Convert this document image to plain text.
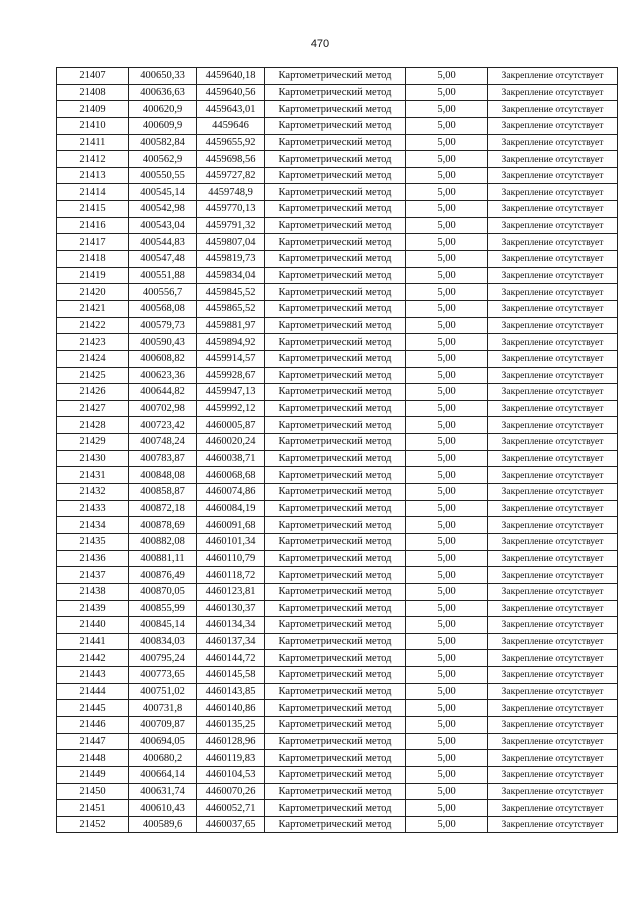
470
21407	400650,33	4459640,18	Картометрический метод	5,00	Закрепление отсутствует
21408	400636,63	4459640,56	Картометрический метод	5,00	Закрепление отсутствует
21409	400620,9	4459643,01	Картометрический метод	5,00	Закрепление отсутствует
21410	400609,9	4459646	Картометрический метод	5,00	Закрепление отсутствует
21411	400582,84	4459655,92	Картометрический метод	5,00	Закрепление отсутствует
21412	400562,9	4459698,56	Картометрический метод	5,00	Закрепление отсутствует
21413	400550,55	4459727,82	Картометрический метод	5,00	Закрепление отсутствует
21414	400545,14	4459748,9	Картометрический метод	5,00	Закрепление отсутствует
21415	400542,98	4459770,13	Картометрический метод	5,00	Закрепление отсутствует
21416	400543,04	4459791,32	Картометрический метод	5,00	Закрепление отсутствует
21417	400544,83	4459807,04	Картометрический метод	5,00	Закрепление отсутствует
21418	400547,48	4459819,73	Картометрический метод	5,00	Закрепление отсутствует
21419	400551,88	4459834,04	Картометрический метод	5,00	Закрепление отсутствует
21420	400556,7	4459845,52	Картометрический метод	5,00	Закрепление отсутствует
21421	400568,08	4459865,52	Картометрический метод	5,00	Закрепление отсутствует
21422	400579,73	4459881,97	Картометрический метод	5,00	Закрепление отсутствует
21423	400590,43	4459894,92	Картометрический метод	5,00	Закрепление отсутствует
21424	400608,82	4459914,57	Картометрический метод	5,00	Закрепление отсутствует
21425	400623,36	4459928,67	Картометрический метод	5,00	Закрепление отсутствует
21426	400644,82	4459947,13	Картометрический метод	5,00	Закрепление отсутствует
21427	400702,98	4459992,12	Картометрический метод	5,00	Закрепление отсутствует
21428	400723,42	4460005,87	Картометрический метод	5,00	Закрепление отсутствует
21429	400748,24	4460020,24	Картометрический метод	5,00	Закрепление отсутствует
21430	400783,87	4460038,71	Картометрический метод	5,00	Закрепление отсутствует
21431	400848,08	4460068,68	Картометрический метод	5,00	Закрепление отсутствует
21432	400858,87	4460074,86	Картометрический метод	5,00	Закрепление отсутствует
21433	400872,18	4460084,19	Картометрический метод	5,00	Закрепление отсутствует
21434	400878,69	4460091,68	Картометрический метод	5,00	Закрепление отсутствует
21435	400882,08	4460101,34	Картометрический метод	5,00	Закрепление отсутствует
21436	400881,11	4460110,79	Картометрический метод	5,00	Закрепление отсутствует
21437	400876,49	4460118,72	Картометрический метод	5,00	Закрепление отсутствует
21438	400870,05	4460123,81	Картометрический метод	5,00	Закрепление отсутствует
21439	400855,99	4460130,37	Картометрический метод	5,00	Закрепление отсутствует
21440	400845,14	4460134,34	Картометрический метод	5,00	Закрепление отсутствует
21441	400834,03	4460137,34	Картометрический метод	5,00	Закрепление отсутствует
21442	400795,24	4460144,72	Картометрический метод	5,00	Закрепление отсутствует
21443	400773,65	4460145,58	Картометрический метод	5,00	Закрепление отсутствует
21444	400751,02	4460143,85	Картометрический метод	5,00	Закрепление отсутствует
21445	400731,8	4460140,86	Картометрический метод	5,00	Закрепление отсутствует
21446	400709,87	4460135,25	Картометрический метод	5,00	Закрепление отсутствует
21447	400694,05	4460128,96	Картометрический метод	5,00	Закрепление отсутствует
21448	400680,2	4460119,83	Картометрический метод	5,00	Закрепление отсутствует
21449	400664,14	4460104,53	Картометрический метод	5,00	Закрепление отсутствует
21450	400631,74	4460070,26	Картометрический метод	5,00	Закрепление отсутствует
21451	400610,43	4460052,71	Картометрический метод	5,00	Закрепление отсутствует
21452	400589,6	4460037,65	Картометрический метод	5,00	Закрепление отсутствует
